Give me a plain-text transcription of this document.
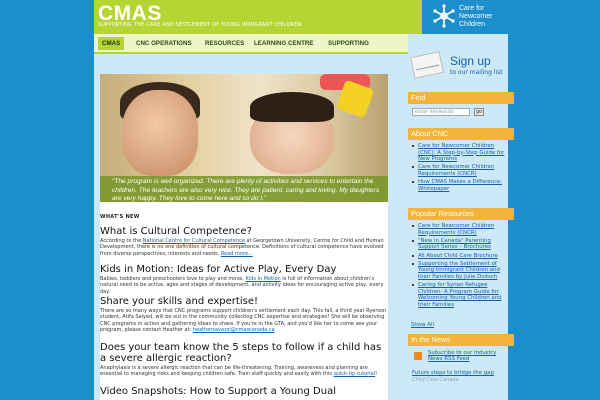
CMAS
SUPPORTING THE CARE AND SETTLEMENT OF YOUNG IMMIGRANT CHILDREN
Care for
Newcomer
Children
CMAS	CNC OPERATIONS	RESOURCES	LEARNING CENTRE	SUPPORTING
"The program is well organized. There are plenty of activities and services to entertain the children. The teachers are also very nice. They are patient, caring and loving. My daughters are very happy. They love to come here and so do I."
WHAT'S NEW
What is Cultural Competence?

According to the National Centre for Cultural Competence at Georgetown University, Centre for Child and Human Development, there is no one definition of cultural competence. Definitions of cultural competence have evolved from diverse perspectives, interests and needs. Read more...

Kids in Motion: Ideas for Active Play, Every Day

Babies, toddlers and preschoolers love to play and move. Kids in Motion is full of information about children's natural need to be active, ages and stages of development, and activity ideas for encouraging active play, every day.

Share your skills and expertise!

There are so many ways that CNC programs support children's settlement each day. This fall, a third year Ryerson student, Atifa Saiyed, will be out in the community collecting CNC expertise and strategies! She will be observing CNC programs in action and gathering ideas to share. If you're in the GTA, and you'd like her to come see your program, please contact Heather at: heathersavazzi@cmascanada.ca

Does your team know the 5 steps to follow if a child has a severe allergic reaction?

Anaphylaxis is a severe allergic reaction that can be life-threatening. Training, awareness and planning are essential to managing risks and keeping children safe. Train staff quickly and easily with this quick-tip-tutorial!

Video Snapshots: How to Support a Young Dual
Sign up
to our mailing list
Find
enter keywords	go
About CNC
Care for Newcomer Children (CNC): A Step-by-Step Guide for New Programs
Care for Newcomer Children Requirements (CNCR)
How CMAS Makes a Difference: Whitepaper
Popular Resources
Care for Newcomer Children Requirements (CNCR)
"New in Canada" Parenting Support Series – Brochures
All About Child Care Brochure
Supporting the Settlement of Young Immigrant Children and their Families by Julie Doitsch
Caring for Syrian Refugee Children: A Program Guide for Welcoming Young Children and their Families
Show All
In the News
Subscribe to our Industry News RSS Feed
Future steps to bridge the gap
Child Care Canada
